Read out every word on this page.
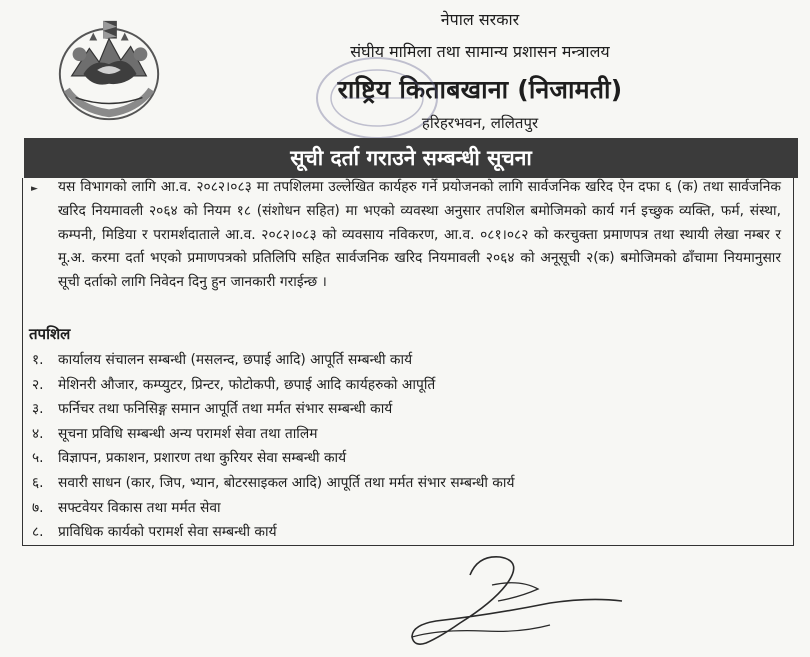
नेपाल सरकार
संघीय मामिला तथा सामान्य प्रशासन मन्त्रालय
राष्ट्रिय किताबखाना (निजामती)
हरिहरभवन, ललितपुर
सूची दर्ता गराउने सम्बन्धी सूचना
► यस विभागको लागि आ.व. २०८२।०८३ मा तपशिलमा उल्लेखित कार्यहरु गर्ने प्रयोजनको लागि सार्वजनिक खरिद ऐन दफा ६ (क) तथा सार्वजनिक खरिद नियमावली २०६४ को नियम १८ (संशोधन सहित) मा भएको व्यवस्था अनुसार तपशिल बमोजिमको कार्य गर्न इच्छुक व्यक्ति, फर्म, संस्था, कम्पनी, मिडिया र परामर्शदाताले आ.व. २०८२।०८३ को व्यवसाय नविकरण, आ.व. ०८१।०८२ को करचुक्ता प्रमाणपत्र तथा स्थायी लेखा नम्बर र मू.अ. करमा दर्ता भएको प्रमाणपत्रको प्रतिलिपि सहित सार्वजनिक खरिद नियमावली २०६४ को अनूसूची २(क) बमोजिमको ढाँचामा नियमानुसार सूची दर्ताको लागि निवेदन दिनु हुन जानकारी गराईन्छ ।
तपशिल
१.	कार्यालय संचालन सम्बन्धी (मसलन्द, छपाई आदि) आपूर्ति सम्बन्धी कार्य
२.	मेशिनरी औजार, कम्प्युटर, प्रिन्टर, फोटोकपी, छपाई आदि कार्यहरुको आपूर्ति
३.	फर्निचर तथा फनिसिङ्ग समान आपूर्ति तथा मर्मत संभार सम्बन्धी कार्य
४.	सूचना प्रविधि सम्बन्धी अन्य परामर्श सेवा तथा तालिम
५.	विज्ञापन, प्रकाशन, प्रशारण तथा कुरियर सेवा सम्बन्धी कार्य
६.	सवारी साधन (कार, जिप, भ्यान, बोटरसाइकल आदि) आपूर्ति तथा मर्मत संभार सम्बन्धी कार्य
७.	सफ्टवेयर विकास तथा मर्मत सेवा
८.	प्राविधिक कार्यको परामर्श सेवा सम्बन्धी कार्य
